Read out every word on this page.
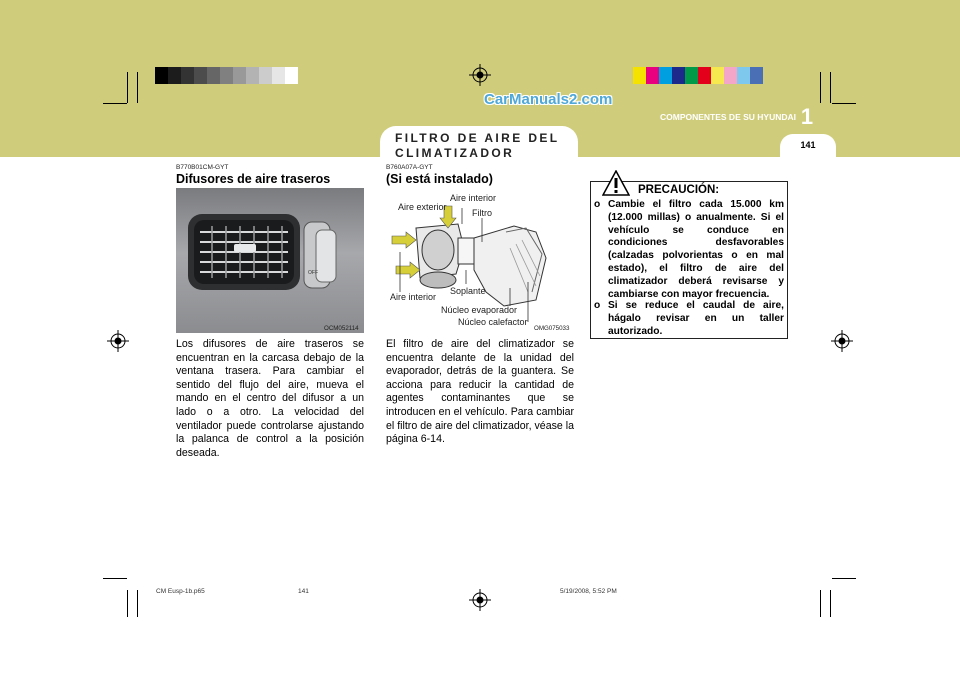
CarManuals2.com
COMPONENTES DE SU HYUNDAI 1
141
FILTRO DE AIRE DEL CLIMATIZADOR
B770B01CM-GYT
Difusores de aire traseros
OFF
OCM052114
Los difusores de aire traseros se encuentran en la carcasa debajo de la ventana trasera. Para cambiar el sentido del flujo del aire, mueva el mando en el centro del difusor a un lado o a otro. La velocidad del ventilador puede controlarse ajustando la palanca de control a la posición deseada.
B760A07A-GYT
(Si está instalado)
Aire interior
Aire exterior
Filtro
Soplante
Aire interior
Núcleo evaporador
Núcleo calefactor
OMG075033
El filtro de aire del climatizador se encuentra delante de la unidad del evaporador, detrás de la guantera. Se acciona para reducir la cantidad de agentes contaminantes que se introducen en el vehículo. Para cambiar el filtro de aire del climatizador, véase la página 6-14.
PRECAUCIÓN:
o Cambie el filtro cada 15.000 km (12.000 millas) o anualmente. Si el vehículo se conduce en condiciones desfavorables (calzadas polvorientas o en mal estado), el filtro de aire del climatizador deberá revisarse y cambiarse con mayor frecuencia.
o Si se reduce el caudal de aire, hágalo revisar en un taller autorizado.
CM Eusp-1b.p65	141	5/19/2008, 5:52 PM
